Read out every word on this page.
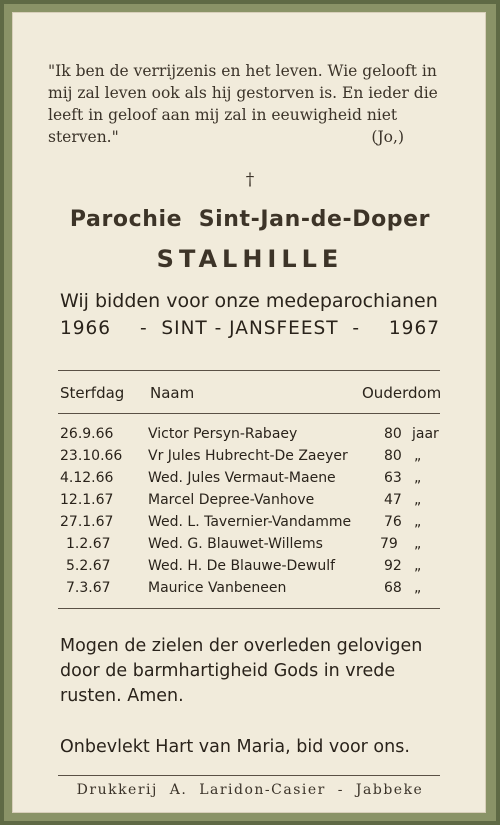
"Ik ben de verrijzenis en het leven. Wie gelooft in
mij zal leven ook als hij gestorven is. En ieder die
leeft in geloof aan mij zal in eeuwigheid niet
sterven."	(Jo,)
†
Parochie  Sint-Jan-de-Doper
STALHILLE
Wij bidden voor onze medeparochianen
1966 -  SINT - JANSFEEST  - 1967
Sterfdag Naam	Ouderdom
26.9.66 Victor Persyn-Rabaey	80 jaar
23.10.66 Vr Jules Hubrecht-De Zaeyer	80 „
4.12.66 Wed. Jules Vermaut-Maene	63 „
12.1.67 Marcel Depree-Vanhove	47 „
27.1.67 Wed. L. Tavernier-Vandamme 76 „
1.2.67	Wed. G. Blauwet-Willems	79 „
5.2.67	Wed. H. De Blauwe-Dewulf	92 „
7.3.67	Maurice Vanbeneen	68 „
Mogen de zielen der overleden gelovigen
door de barmhartigheid Gods in vrede
rusten. Amen.
Onbevlekt Hart van Maria, bid voor ons.
Drukkerij  A.  Laridon-Casier  -  Jabbeke
